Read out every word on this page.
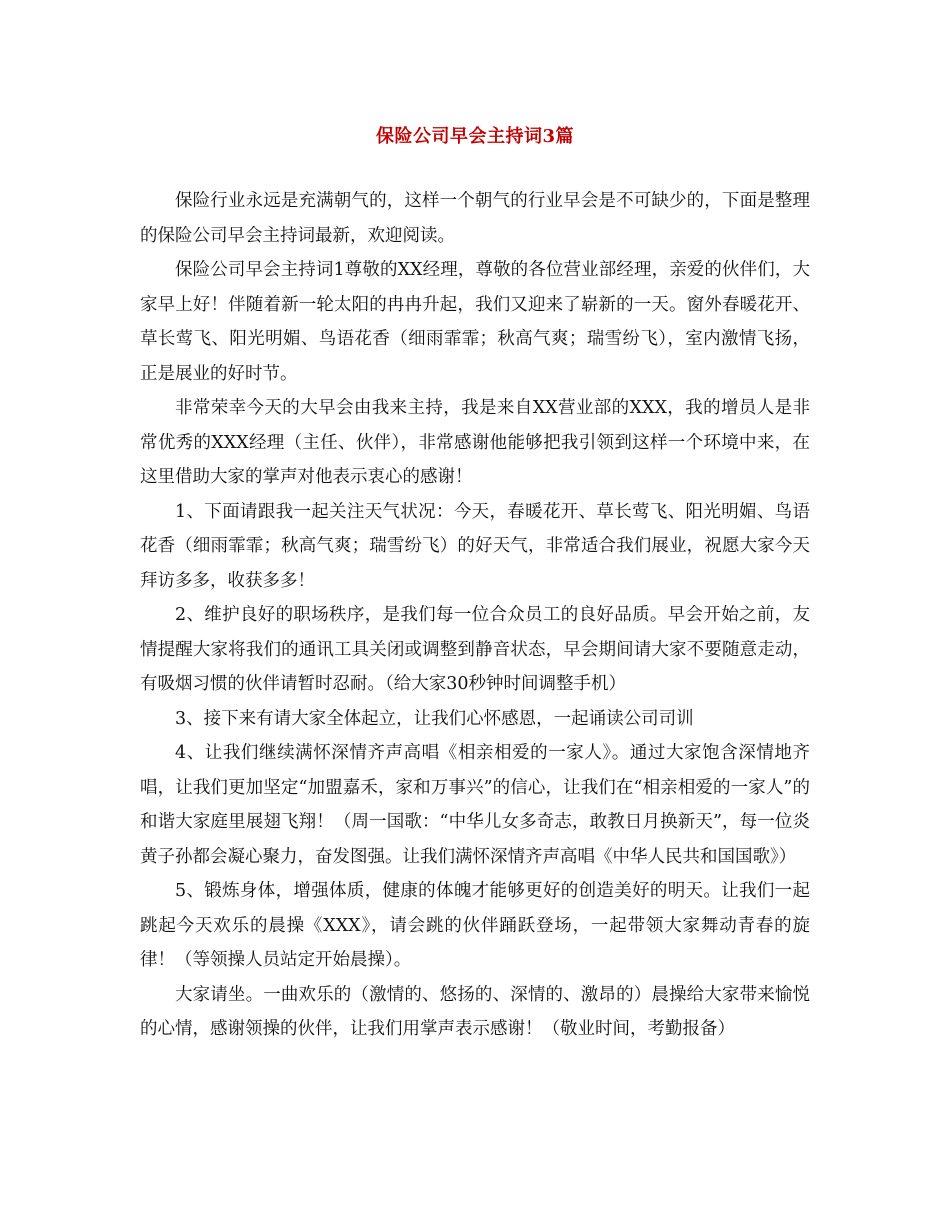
保险公司早会主持词3篇

保险行业永远是充满朝气的，这样一个朝气的行业早会是不可缺少的，下面是整理的保险公司早会主持词最新，欢迎阅读。

保险公司早会主持词1尊敬的XX经理，尊敬的各位营业部经理，亲爱的伙伴们，大家早上好！伴随着新一轮太阳的冉冉升起，我们又迎来了崭新的一天。窗外春暖花开、草长莺飞、阳光明媚、鸟语花香（细雨霏霏；秋高气爽；瑞雪纷飞），室内激情飞扬，正是展业的好时节。

非常荣幸今天的大早会由我来主持，我是来自XX营业部的XXX，我的增员人是非常优秀的XXX经理（主任、伙伴），非常感谢他能够把我引领到这样一个环境中来，在这里借助大家的掌声对他表示衷心的感谢！

1、下面请跟我一起关注天气状况：今天，春暖花开、草长莺飞、阳光明媚、鸟语花香（细雨霏霏；秋高气爽；瑞雪纷飞）的好天气，非常适合我们展业，祝愿大家今天拜访多多，收获多多！

2、维护良好的职场秩序，是我们每一位合众员工的良好品质。早会开始之前，友情提醒大家将我们的通讯工具关闭或调整到静音状态，早会期间请大家不要随意走动，有吸烟习惯的伙伴请暂时忍耐。（给大家30秒钟时间调整手机）

3、接下来有请大家全体起立，让我们心怀感恩，一起诵读公司司训

4、让我们继续满怀深情齐声高唱《相亲相爱的一家人》。通过大家饱含深情地齐唱，让我们更加坚定“加盟嘉禾，家和万事兴”的信心，让我们在“相亲相爱的一家人”的和谐大家庭里展翅飞翔！（周一国歌：“中华儿女多奇志，敢教日月换新天”，每一位炎黄子孙都会凝心聚力，奋发图强。让我们满怀深情齐声高唱《中华人民共和国国歌》）

5、锻炼身体，增强体质，健康的体魄才能够更好的创造美好的明天。让我们一起跳起今天欢乐的晨操《XXX》，请会跳的伙伴踊跃登场，一起带领大家舞动青春的旋律！（等领操人员站定开始晨操）。

大家请坐。一曲欢乐的（激情的、悠扬的、深情的、激昂的）晨操给大家带来愉悦的心情，感谢领操的伙伴，让我们用掌声表示感谢！（敬业时间，考勤报备）
